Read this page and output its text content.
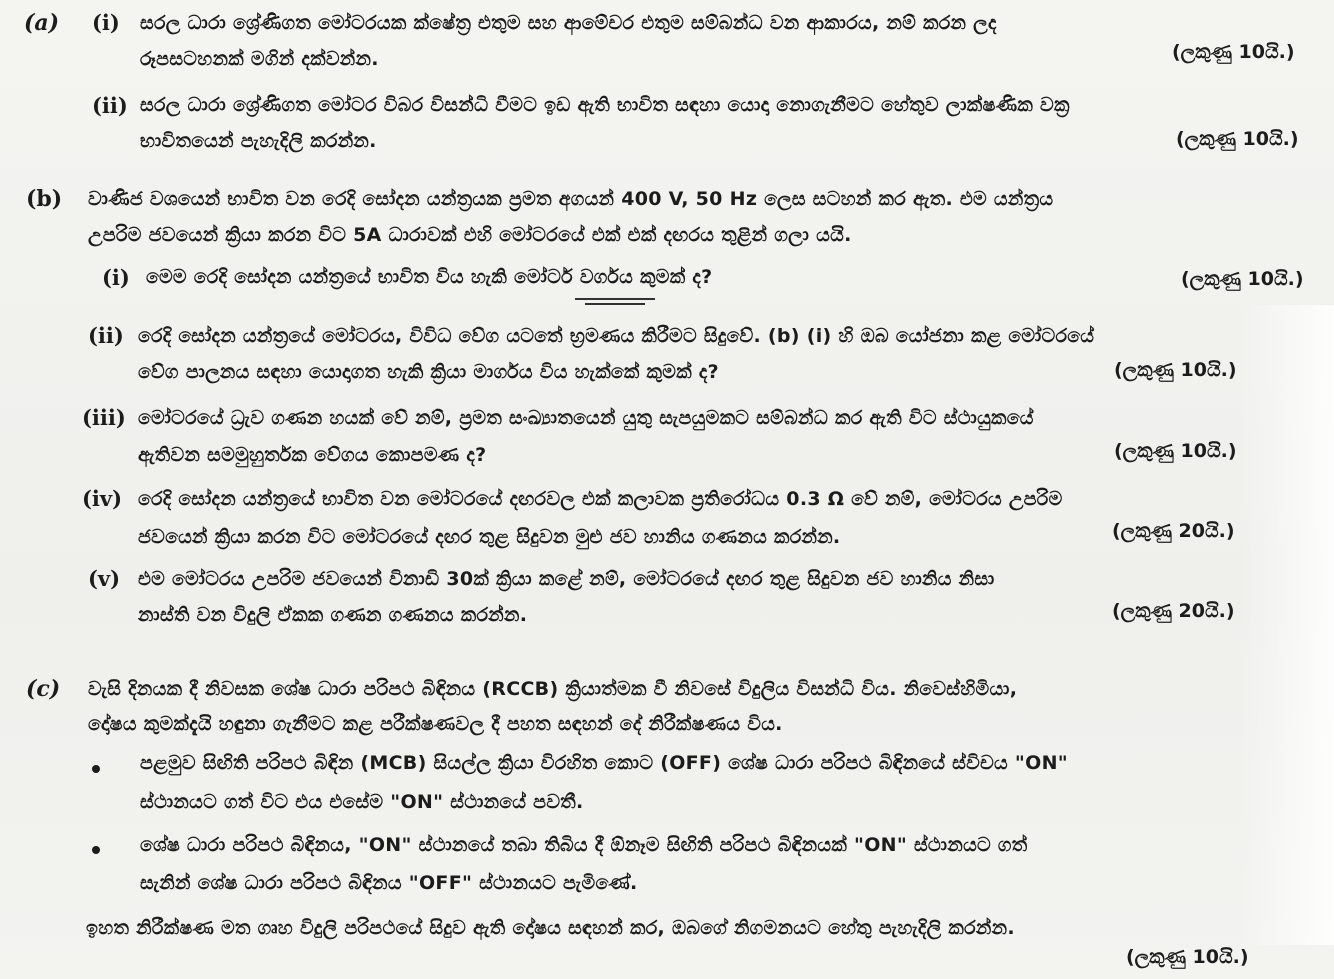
(a) (i) සරල ධාරා ශ්‍රේණිගත මෝටරයක ක්ෂේත්‍ර එතුම සහ ආමේචර එතුම සම්බන්ධ වන ආකාරය, නම් කරන ලද
රූපසටහනක් මගින් දක්වන්න.	(ලකුණු 10යි.)
(ii) සරල ධාරා ශ්‍රේණිගත මෝටර විබර විසන්ධි වීමට ඉඩ ඇති භාවිත සඳහා යොදා නොගැනීමට හේතුව ලාක්ෂණික වක්‍ර
භාවිතයෙන් පැහැදිලි කරන්න.	(ලකුණු 10යි.)
(b) වාණිජ වශයෙන් භාවිත වන රෙදි සෝදන යන්ත්‍රයක ප්‍රමත අගයන් 400 V, 50 Hz ලෙස සටහන් කර ඇත. එම යන්ත්‍රය
උපරිම ජවයෙන් ක්‍රියා කරන විට 5A ධාරාවක් එහි මෝටරයේ එක් එක් දඟරය තුළින් ගලා යයි.
(i) මෙම රෙදි සෝදන යන්ත්‍රයේ භාවිත විය හැකි මෝටර් වර්ගය කුමක් ද?	(ලකුණු 10යි.)
(ii) රෙදි සෝදන යන්ත්‍රයේ මෝටරය, විවිධ වේග යටතේ භ්‍රමණය කිරීමට සිදුවේ. (b) (i) හි ඔබ යෝජනා කළ මෝටරයේ
වේග පාලනය සඳහා යොදාගත හැකි ක්‍රියා මාර්ගය විය හැක්කේ කුමක් ද?	(ලකුණු 10යි.)
(iii) මෝටරයේ ධ්‍රැව ගණන හයක් වේ නම්, ප්‍රමත සංඛ්‍යාතයෙන් යුතු සැපයුමකට සම්බන්ධ කර ඇති විට ස්ථායුකයේ
ඇතිවන සමමුහුර්තක වේගය කොපමණ ද?	(ලකුණු 10යි.)
(iv) රෙදි සෝදන යන්ත්‍රයේ භාවිත වන මෝටරයේ දඟරවල එක් කලාවක ප්‍රතිරෝධය 0.3 Ω වේ නම්, මෝටරය උපරිම
ජවයෙන් ක්‍රියා කරන විට මෝටරයේ දඟර තුළ සිදුවන මුළු ජව හානිය ගණනය කරන්න.	(ලකුණු 20යි.)
(v) එම මෝටරය උපරිම ජවයෙන් විනාඩි 30ක් ක්‍රියා කළේ නම්, මෝටරයේ දඟර තුළ සිදුවන ජව හානිය නිසා
නාස්ති වන විදුලි ඒකක ගණන ගණනය කරන්න.	(ලකුණු 20යි.)
(c) වැසි දිනයක දී නිවසක ශේෂ ධාරා පරිපථ බිඳිනය (RCCB) ක්‍රියාත්මක වී නිවසේ විදුලිය විසන්ධි විය. නිවෙස්හිමියා,
දෝෂය කුමක්දැයි හඳුනා ගැනීමට කළ පරීක්ෂණවල දී පහත සඳහන් දේ නිරීක්ෂණය විය.
පළමුව සිඟිති පරිපථ බිඳින (MCB) සියල්ල ක්‍රියා විරහිත කොට (OFF) ශේෂ ධාරා පරිපථ බිඳිනයේ ස්විචය "ON"
ස්ථානයට ගත් විට එය එසේම "ON" ස්ථානයේ පවතී.
ශේෂ ධාරා පරිපථ බිඳිනය, "ON" ස්ථානයේ තබා තිබිය දී ඕනෑම සිඟිති පරිපථ බිඳිනයක් "ON" ස්ථානයට ගත්
සැනින් ශේෂ ධාරා පරිපථ බිඳිනය "OFF" ස්ථානයට පැමිණේ.
ඉහත නිරීක්ෂණ මත ගෘහ විදුලි පරිපථයේ සිදුව ඇති දෝෂය සඳහන් කර, ඔබගේ නිගමනයට හේතු පැහැදිලි කරන්න.
(ලකුණු 10යි.)
